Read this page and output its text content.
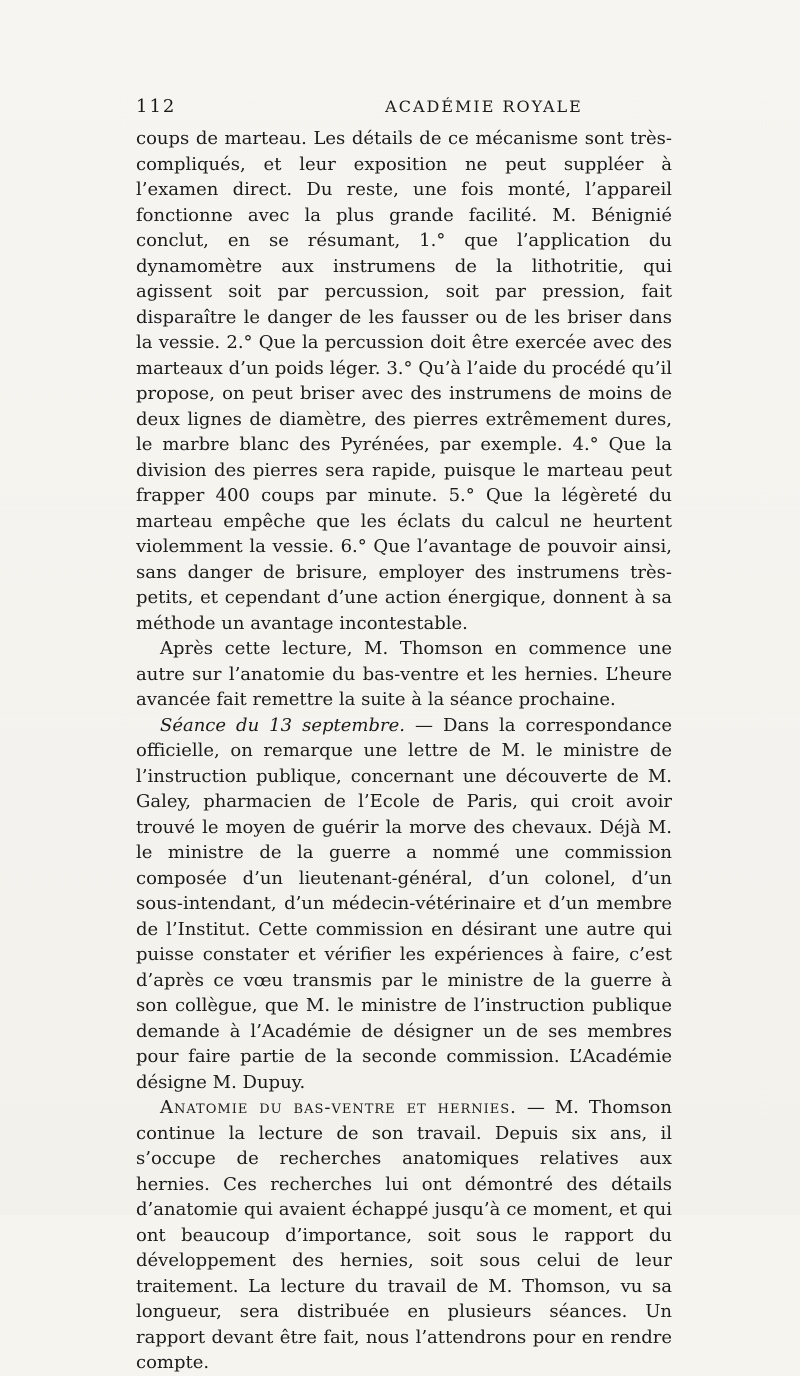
112	ACADÉMIE ROYALE

coups de marteau. Les détails de ce mécanisme sont très-compliqués, et leur exposition ne peut suppléer à l’examen direct. Du reste, une fois monté, l’appareil fonctionne avec la plus grande facilité. M. Bénignié conclut, en se résumant, 1.° que l’application du dynamomètre aux instrumens de la lithotritie, qui agissent soit par percussion, soit par pression, fait disparaître le danger de les fausser ou de les briser dans la vessie. 2.° Que la percussion doit être exercée avec des marteaux d’un poids léger. 3.° Qu’à l’aide du procédé qu’il propose, on peut briser avec des instrumens de moins de deux lignes de diamètre, des pierres extrêmement dures, le marbre blanc des Pyrénées, par exemple. 4.° Que la division des pierres sera rapide, puisque le marteau peut frapper 400 coups par minute. 5.° Que la légèreté du marteau empêche que les éclats du calcul ne heurtent violemment la vessie. 6.° Que l’avantage de pouvoir ainsi, sans danger de brisure, employer des instrumens très-petits, et cependant d’une action énergique, donnent à sa méthode un avantage incontestable.

Après cette lecture, M. Thomson en commence une autre sur l’anatomie du bas-ventre et les hernies. L’heure avancée fait remettre la suite à la séance prochaine.

Séance du 13 septembre. — Dans la correspondance officielle, on remarque une lettre de M. le ministre de l’instruction publique, concernant une découverte de M. Galey, pharmacien de l’Ecole de Paris, qui croit avoir trouvé le moyen de guérir la morve des chevaux. Déjà M. le ministre de la guerre a nommé une commission composée d’un lieutenant-général, d’un colonel, d’un sous-intendant, d’un médecin-vétérinaire et d’un membre de l’Institut. Cette commission en désirant une autre qui puisse constater et vérifier les expériences à faire, c’est d’après ce vœu transmis par le ministre de la guerre à son collègue, que M. le ministre de l’instruction publique demande à l’Académie de désigner un de ses membres pour faire partie de la seconde commission. L’Académie désigne M. Dupuy.

Anatomie du bas-ventre et hernies. — M. Thomson continue la lecture de son travail. Depuis six ans, il s’occupe de recherches anatomiques relatives aux hernies. Ces recherches lui ont démontré des détails d’anatomie qui avaient échappé jusqu’à ce moment, et qui ont beaucoup d’importance, soit sous le rapport du développement des hernies, soit sous celui de leur traitement. La lecture du travail de M. Thomson, vu sa longueur, sera distribuée en plusieurs séances. Un rapport devant être fait, nous l’attendrons pour en rendre compte.
